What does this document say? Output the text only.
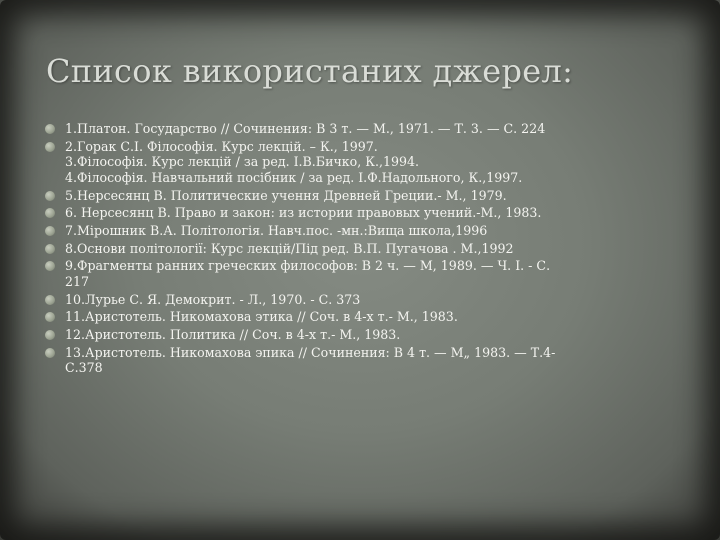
Список використаних джерел:
1.Платон. Государство // Сочинения: В 3 т. — М., 1971. — Т. 3. — С. 224
2.Горак С.І. Філософія. Курс лекцій. – К., 1997.
3.Філософія. Курс лекцій / за ред. І.В.Бичко, К.,1994.
4.Філософія. Навчальний посібник / за ред. І.Ф.Надольного, К.,1997.
5.Нерсесянц В. Политические учення Древней Греции.- М., 1979.
6. Нерсесянц В. Право и закон: из истории правовых учений.-М., 1983.
7.Мірошник В.А. Політологія. Навч.пос. -мн.:Вища школа,1996
8.Основи політології: Курс лекцій/Під ред. В.П. Пугачова . М.,1992
9.Фрагменты ранних греческих философов: В 2 ч. — М, 1989. — Ч. I. - С.
217
10.Лурье С. Я. Демокрит. - Л., 1970. - С. 373
11.Аристотель. Никомахова этика // Соч. в 4-х т.- М., 1983.
12.Аристотель. Политика // Соч. в 4-х т.- М., 1983.
13.Аристотель. Никомахова эпика // Сочинения: В 4 т. — М„ 1983. — Т.4-
С.378
